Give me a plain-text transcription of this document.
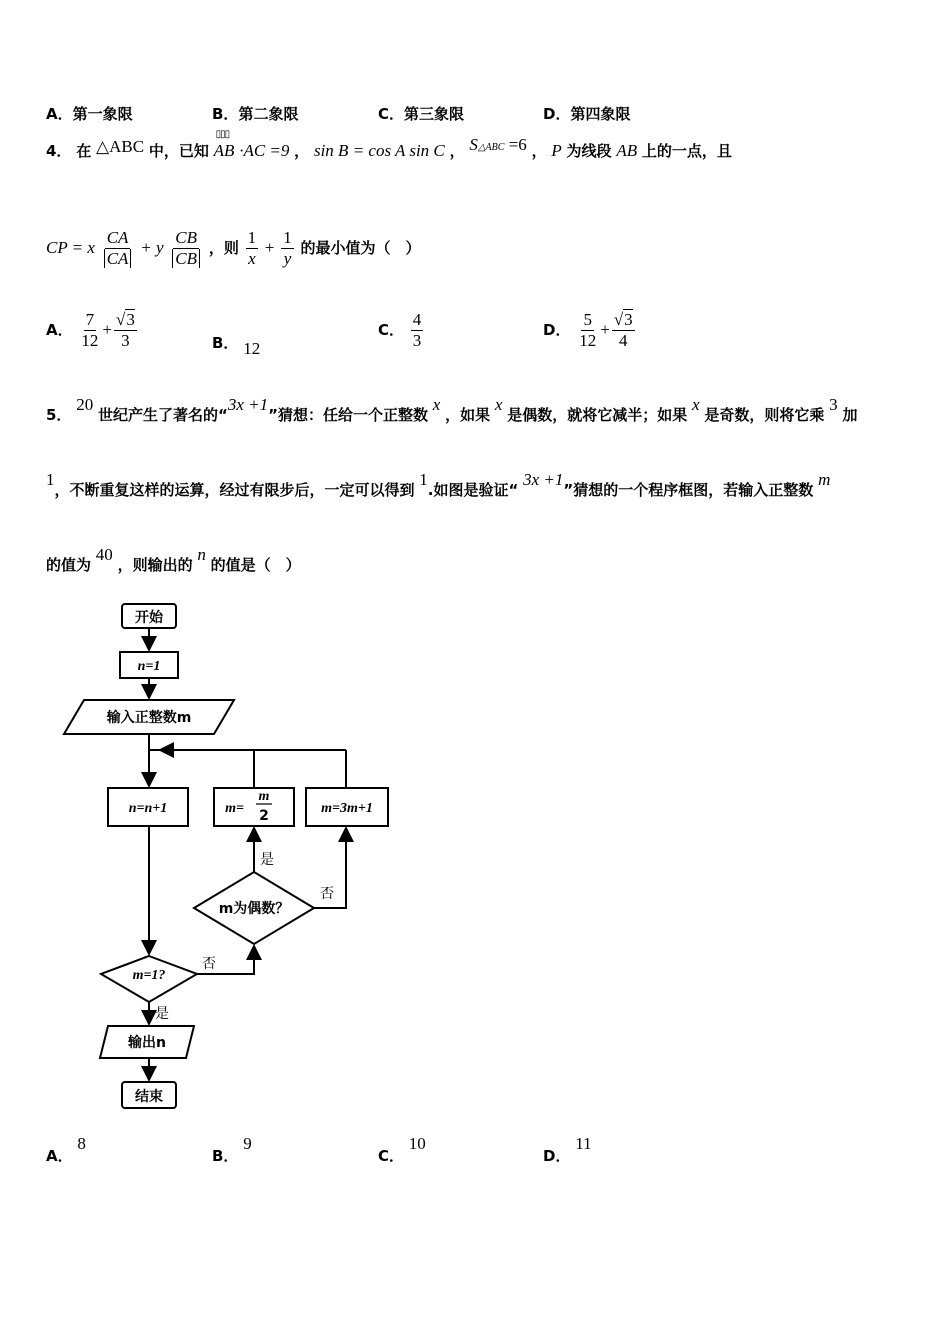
A．第一象限	B．第二象限	C．第三象限	D．第四象限
4． 在 △ABC 中，已知
▯▯▯
AB ·AC =9 ， sin B = cos A sin C ， S△ABC =6 ， P 为线段 AB 上的一点，且
CP = x $\frac{CA}{CA} + y \frac{CB}{CB}$ ，则 $\frac{1}{x} + \frac{1}{y}$ 的最小值为（　）
A． $\frac{7}{12} + \frac{√3}{3}$	B． 12
C． $\frac{4}{3}$	D． $\frac{5}{12} + \frac{√3}{4}$
5． 20 世纪产生了著名的“3x +1”猜想：任给一个正整数 x ，如果 x 是偶数，就将它减半；如果 x 是奇数，则将它乘 3 加
1，不断重复这样的运算，经过有限步后，一定可以得到 1.如图是验证“ 3x +1”猜想的一个程序框图，若输入正整数 m
的值为 40 ，则输出的 n 的值是（　）
开始
n=1
输入正整数m
n=n+1	m=
m
2	m=3m+1
m为偶数？
m=1?
是
否
否
是
输出n
结束
A． 8
B． 9
C． 10
D． 11
